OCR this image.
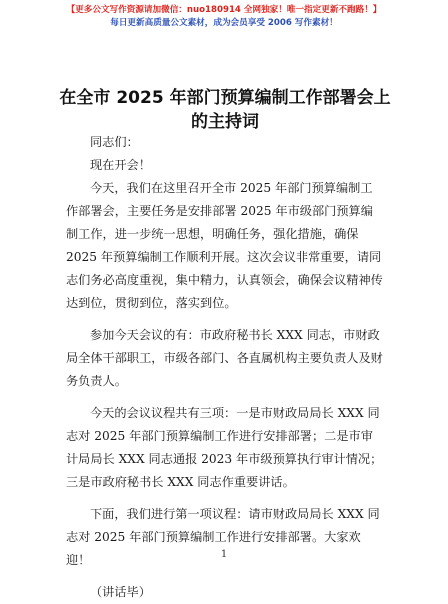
【更多公文写作资源请加微信：nuo180914 全网独家！唯一指定更新不跑路！】
每日更新高质量公文素材，成为会员享受 2006 写作素材！
在全市 2025 年部门预算编制工作部署会上的主持词

同志们：

现在开会！

今天，我们在这里召开全市 2025 年部门预算编制工作部署会，主要任务是安排部署 2025 年市级部门预算编制工作，进一步统一思想，明确任务，强化措施，确保 2025 年预算编制工作顺利开展。这次会议非常重要，请同志们务必高度重视，集中精力，认真领会，确保会议精神传达到位，贯彻到位，落实到位。

参加今天会议的有：市政府秘书长 XXX 同志，市财政局全体干部职工，市级各部门、各直属机构主要负责人及财务负责人。

今天的会议议程共有三项：一是市财政局局长 XXX 同志对 2025 年部门预算编制工作进行安排部署；二是市审计局局长 XXX 同志通报 2023 年市级预算执行审计情况；三是市政府秘书长 XXX 同志作重要讲话。

下面，我们进行第一项议程：请市财政局局长 XXX 同志对 2025 年部门预算编制工作进行安排部署。大家欢迎！

（讲话毕）

1
